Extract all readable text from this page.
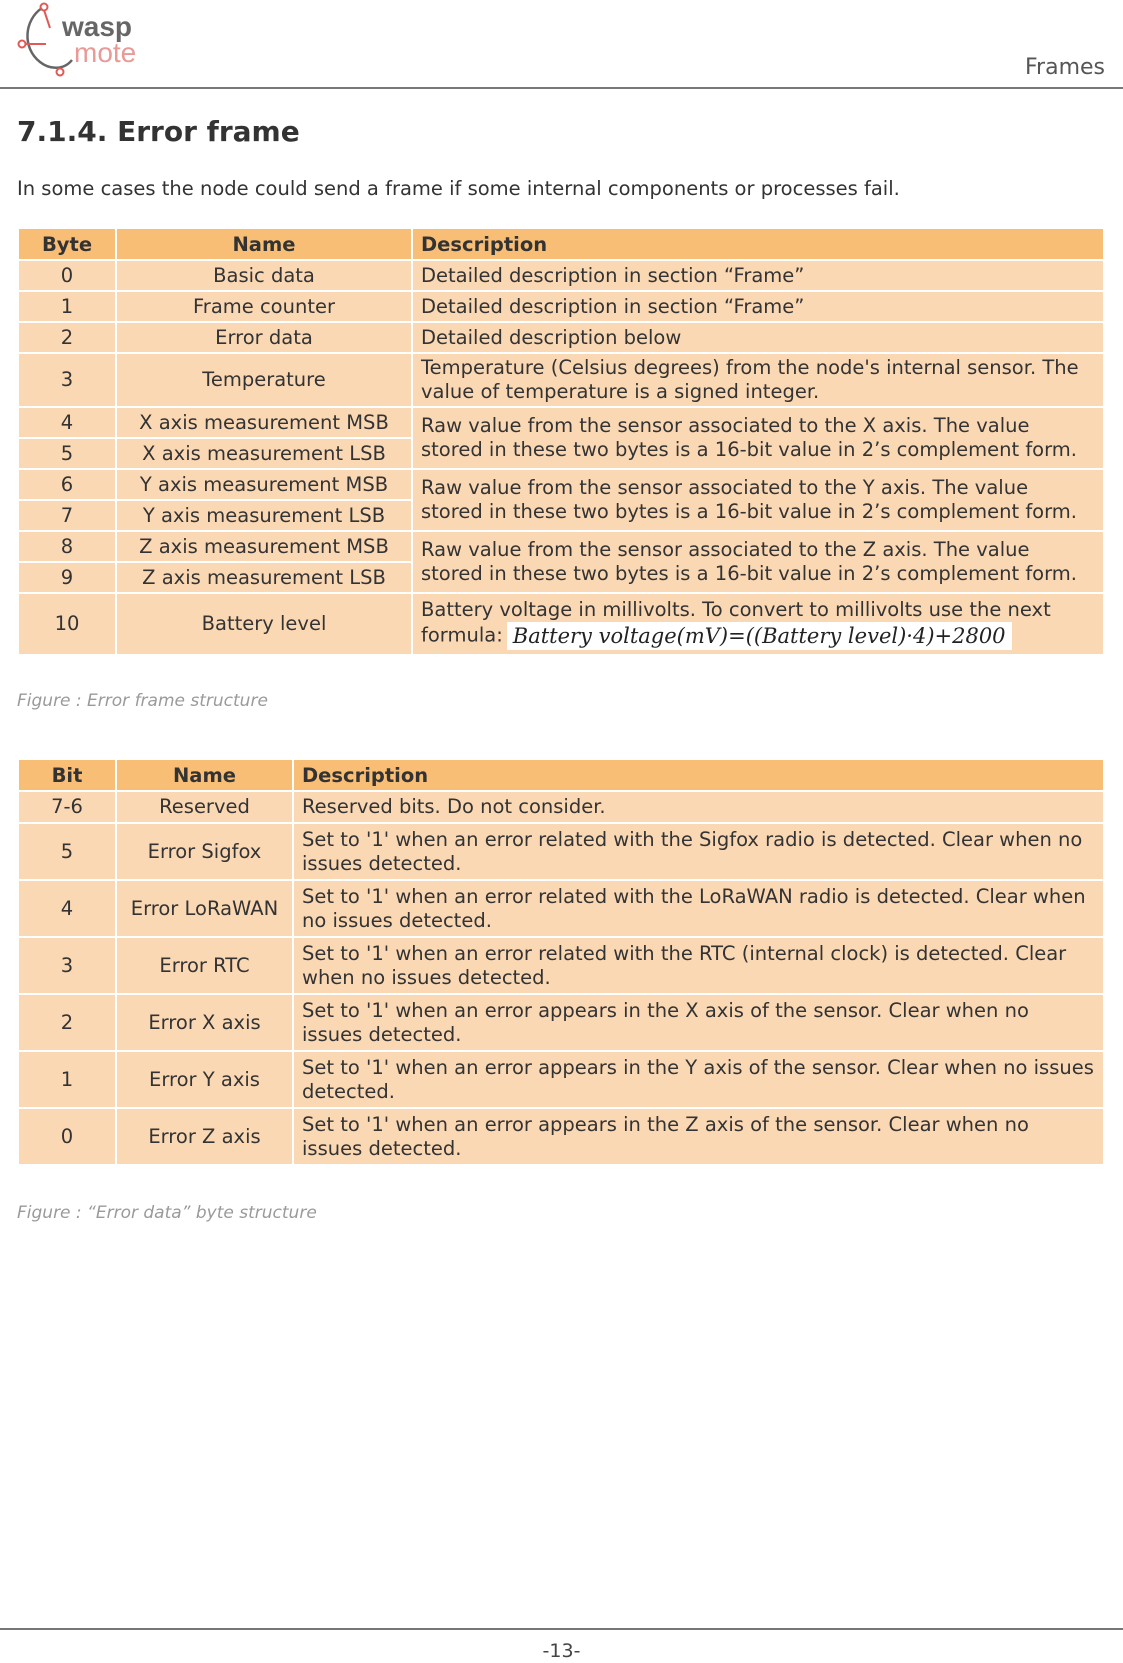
wasp
mote	Frames
7.1.4. Error frame

In some cases the node could send a frame if some internal components or processes fail.

Byte	Name	Description
0	Basic data	Detailed description in section “Frame”
1	Frame counter	Detailed description in section “Frame”
2	Error data	Detailed description below
3	Temperature	Temperature (Celsius degrees) from the node's internal sensor. The value of temperature is a signed integer.
4	X axis measurement MSB	Raw value from the sensor associated to the X axis. The value stored in these two bytes is a 16-bit value in 2’s complement form.
5	X axis measurement LSB	
6	Y axis measurement MSB	Raw value from the sensor associated to the Y axis. The value stored in these two bytes is a 16-bit value in 2’s complement form.
7	Y axis measurement LSB	
8	Z axis measurement MSB	Raw value from the sensor associated to the Z axis. The value stored in these two bytes is a 16-bit value in 2’s complement form.
9	Z axis measurement LSB	
10	Battery level	Battery voltage in millivolts. To convert to millivolts use the next formula: Battery voltage(mV)=((Battery level)·4)+2800

Figure : Error frame structure

Bit	Name	Description
7-6	Reserved	Reserved bits. Do not consider.
5	Error Sigfox	Set to '1' when an error related with the Sigfox radio is detected. Clear when no issues detected.
4	Error LoRaWAN	Set to '1' when an error related with the LoRaWAN radio is detected. Clear when no issues detected.
3	Error RTC	Set to '1' when an error related with the RTC (internal clock) is detected. Clear when no issues detected.
2	Error X axis	Set to '1' when an error appears in the X axis of the sensor. Clear when no issues detected.
1	Error Y axis	Set to '1' when an error appears in the Y axis of the sensor. Clear when no issues detected.
0	Error Z axis	Set to '1' when an error appears in the Z axis of the sensor. Clear when no issues detected.

Figure : “Error data” byte structure

-13-
